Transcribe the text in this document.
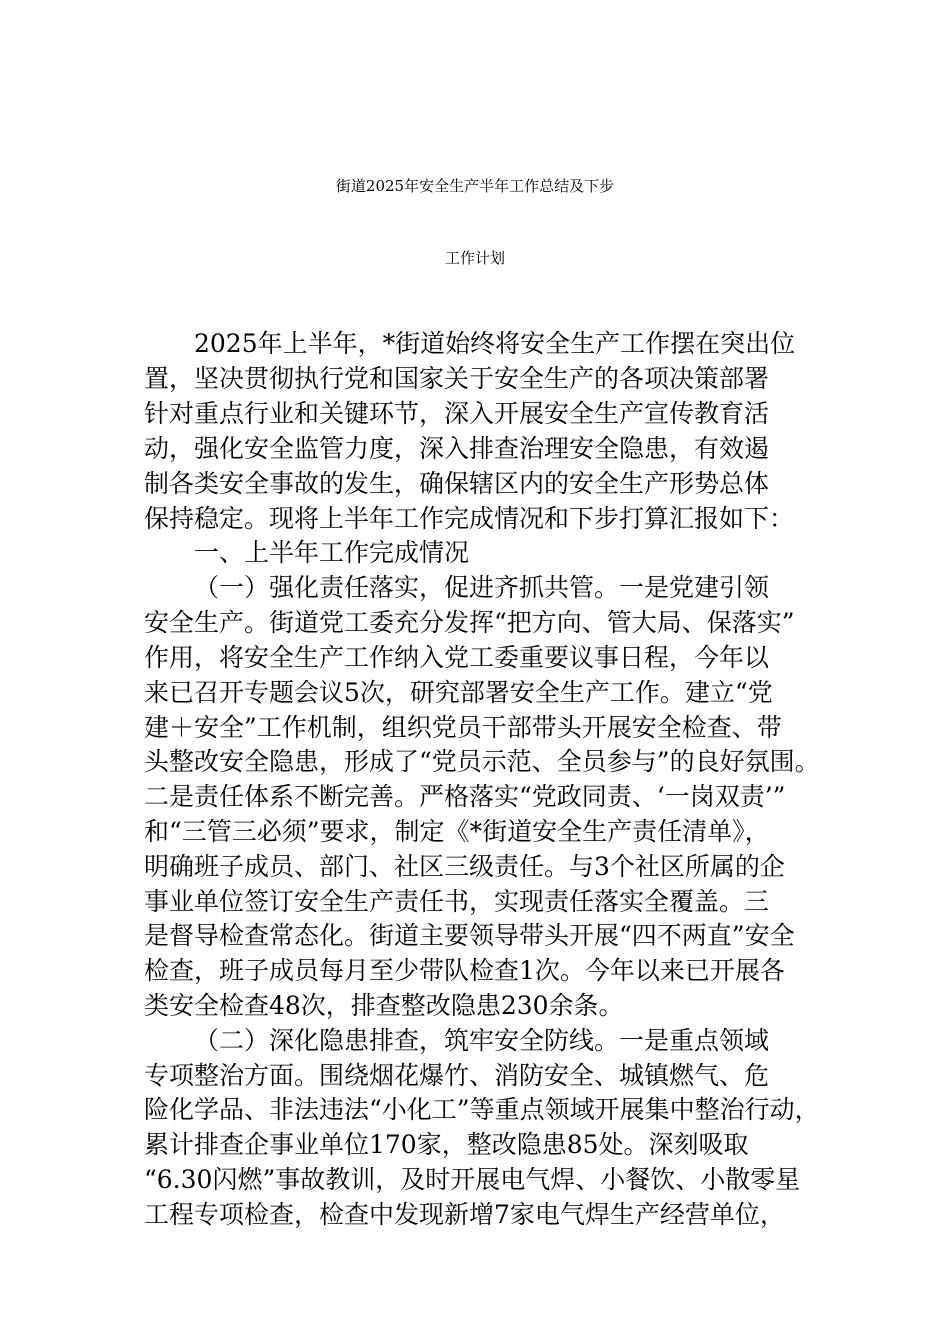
街道2025年安全生产半年工作总结及下步
工作计划
2025年上半年，*街道始终将安全生产工作摆在突出位
置，坚决贯彻执行党和国家关于安全生产的各项决策部署
针对重点行业和关键环节，深入开展安全生产宣传教育活
动，强化安全监管力度，深入排查治理安全隐患，有效遏
制各类安全事故的发生，确保辖区内的安全生产形势总体
保持稳定。现将上半年工作完成情况和下步打算汇报如下：
一、上半年工作完成情况
（一）强化责任落实，促进齐抓共管。一是党建引领
安全生产。街道党工委充分发挥“把方向、管大局、保落实”
作用，将安全生产工作纳入党工委重要议事日程，今年以
来已召开专题会议5次，研究部署安全生产工作。建立“党
建＋安全”工作机制，组织党员干部带头开展安全检查、带
头整改安全隐患，形成了“党员示范、全员参与”的良好氛围。
二是责任体系不断完善。严格落实“党政同责、‘一岗双责’”
和“三管三必须”要求，制定《*街道安全生产责任清单》，
明确班子成员、部门、社区三级责任。与3个社区所属的企
事业单位签订安全生产责任书，实现责任落实全覆盖。三
是督导检查常态化。街道主要领导带头开展“四不两直”安全
检查，班子成员每月至少带队检查1次。今年以来已开展各
类安全检查48次，排查整改隐患230余条。
（二）深化隐患排查，筑牢安全防线。一是重点领域
专项整治方面。围绕烟花爆竹、消防安全、城镇燃气、危
险化学品、非法违法“小化工”等重点领域开展集中整治行动，
累计排查企事业单位170家，整改隐患85处。深刻吸取
“6.30闪燃”事故教训，及时开展电气焊、小餐饮、小散零星
工程专项检查，检查中发现新增7家电气焊生产经营单位，
